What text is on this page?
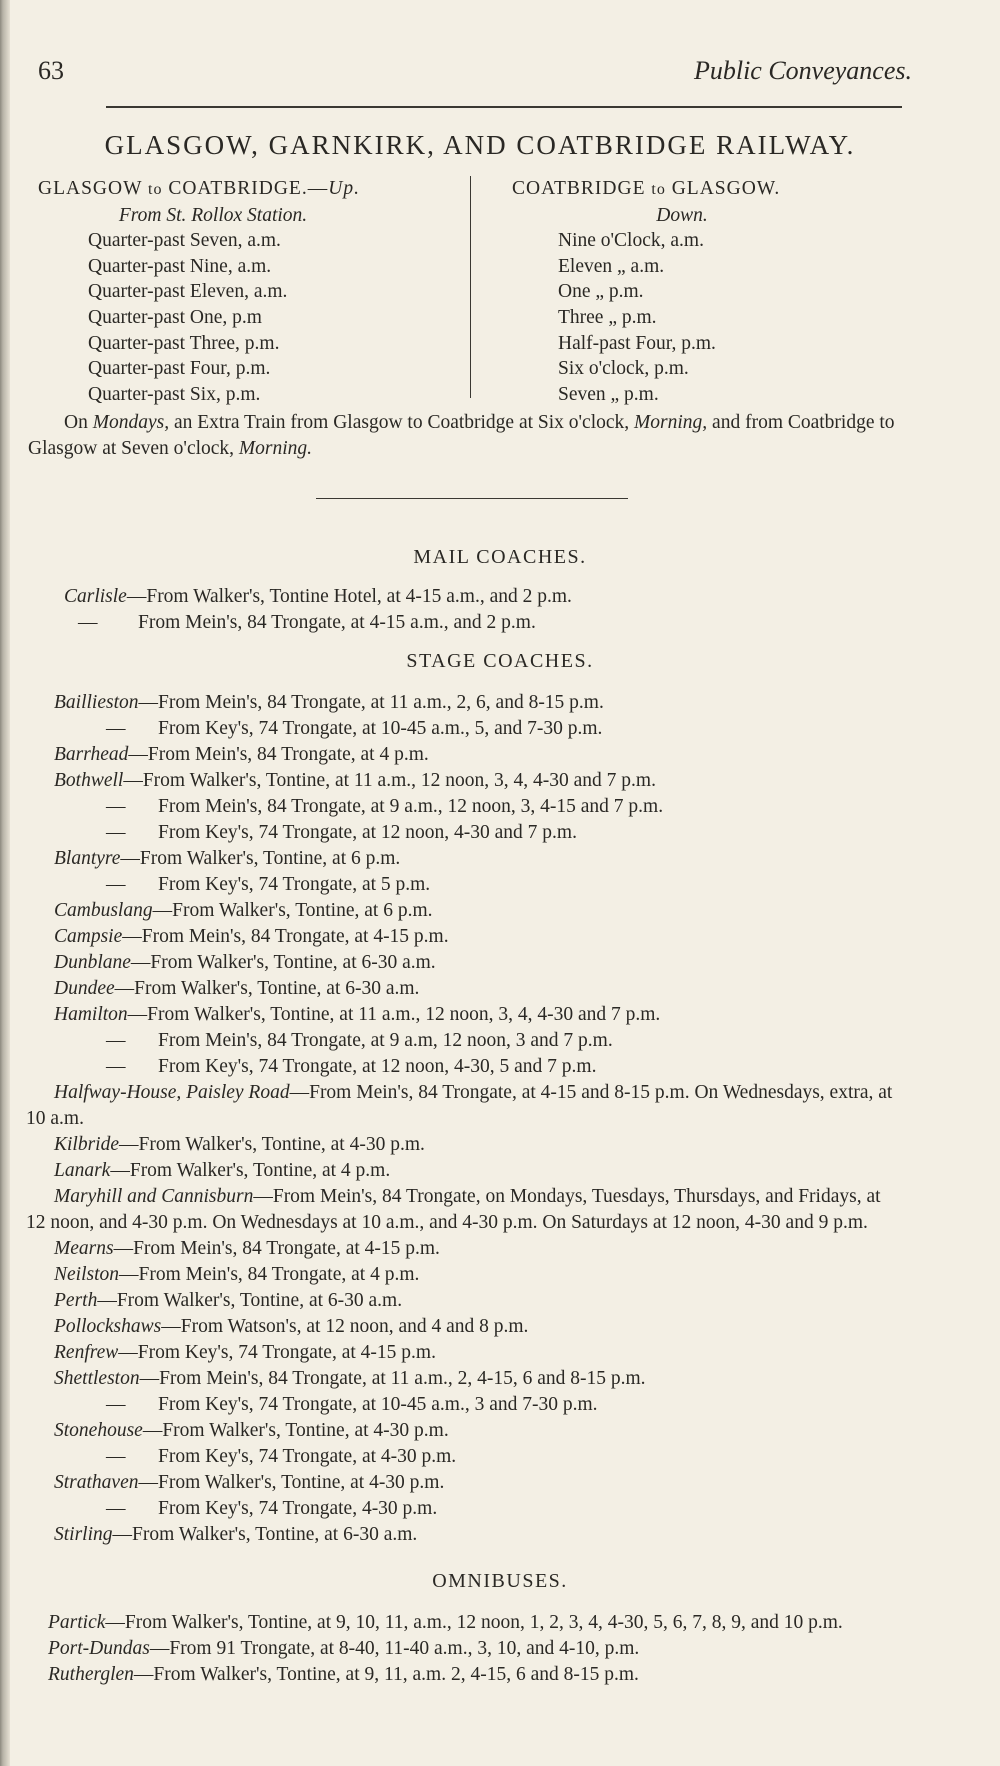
63	Public Conveyances.
GLASGOW, GARNKIRK, AND COATBRIDGE RAILWAY.
GLASGOW to COATBRIDGE.—Up.
From St. Rollox Station.
Quarter-past Seven, a.m.
Quarter-past Nine, a.m.
Quarter-past Eleven, a.m.
Quarter-past One, p.m
Quarter-past Three, p.m.
Quarter-past Four, p.m.
Quarter-past Six, p.m.
COATBRIDGE to GLASGOW.
Down.
Nine o'Clock, a.m.
Eleven „ a.m.
One „ p.m.
Three „ p.m.
Half-past Four, p.m.
Six o'clock, p.m.
Seven „ p.m.
On Mondays, an Extra Train from Glasgow to Coatbridge at Six o'clock, Morning, and from Coatbridge to Glasgow at Seven o'clock, Morning.
MAIL COACHES.
Carlisle—From Walker's, Tontine Hotel, at 4-15 a.m., and 2 p.m.
— From Mein's, 84 Trongate, at 4-15 a.m., and 2 p.m.
STAGE COACHES.
Baillieston—From Mein's, 84 Trongate, at 11 a.m., 2, 6, and 8-15 p.m.
— From Key's, 74 Trongate, at 10-45 a.m., 5, and 7-30 p.m.
Barrhead—From Mein's, 84 Trongate, at 4 p.m.
Bothwell—From Walker's, Tontine, at 11 a.m., 12 noon, 3, 4, 4-30 and 7 p.m.
— From Mein's, 84 Trongate, at 9 a.m., 12 noon, 3, 4-15 and 7 p.m.
— From Key's, 74 Trongate, at 12 noon, 4-30 and 7 p.m.
Blantyre—From Walker's, Tontine, at 6 p.m.
— From Key's, 74 Trongate, at 5 p.m.
Cambuslang—From Walker's, Tontine, at 6 p.m.
Campsie—From Mein's, 84 Trongate, at 4-15 p.m.
Dunblane—From Walker's, Tontine, at 6-30 a.m.
Dundee—From Walker's, Tontine, at 6-30 a.m.
Hamilton—From Walker's, Tontine, at 11 a.m., 12 noon, 3, 4, 4-30 and 7 p.m.
— From Mein's, 84 Trongate, at 9 a.m, 12 noon, 3 and 7 p.m.
— From Key's, 74 Trongate, at 12 noon, 4-30, 5 and 7 p.m.
Halfway-House, Paisley Road—From Mein's, 84 Trongate, at 4-15 and 8-15 p.m. On Wednesdays, extra, at 10 a.m.
Kilbride—From Walker's, Tontine, at 4-30 p.m.
Lanark—From Walker's, Tontine, at 4 p.m.
Maryhill and Cannisburn—From Mein's, 84 Trongate, on Mondays, Tuesdays, Thursdays, and Fridays, at 12 noon, and 4-30 p.m. On Wednesdays at 10 a.m., and 4-30 p.m. On Saturdays at 12 noon, 4-30 and 9 p.m.
Mearns—From Mein's, 84 Trongate, at 4-15 p.m.
Neilston—From Mein's, 84 Trongate, at 4 p.m.
Perth—From Walker's, Tontine, at 6-30 a.m.
Pollockshaws—From Watson's, at 12 noon, and 4 and 8 p.m.
Renfrew—From Key's, 74 Trongate, at 4-15 p.m.
Shettleston—From Mein's, 84 Trongate, at 11 a.m., 2, 4-15, 6 and 8-15 p.m.
— From Key's, 74 Trongate, at 10-45 a.m., 3 and 7-30 p.m.
Stonehouse—From Walker's, Tontine, at 4-30 p.m.
— From Key's, 74 Trongate, at 4-30 p.m.
Strathaven—From Walker's, Tontine, at 4-30 p.m.
— From Key's, 74 Trongate, 4-30 p.m.
Stirling—From Walker's, Tontine, at 6-30 a.m.
OMNIBUSES.
Partick—From Walker's, Tontine, at 9, 10, 11, a.m., 12 noon, 1, 2, 3, 4, 4-30, 5, 6, 7, 8, 9, and 10 p.m.
Port-Dundas—From 91 Trongate, at 8-40, 11-40 a.m., 3, 10, and 4-10, p.m.
Rutherglen—From Walker's, Tontine, at 9, 11, a.m. 2, 4-15, 6 and 8-15 p.m.
